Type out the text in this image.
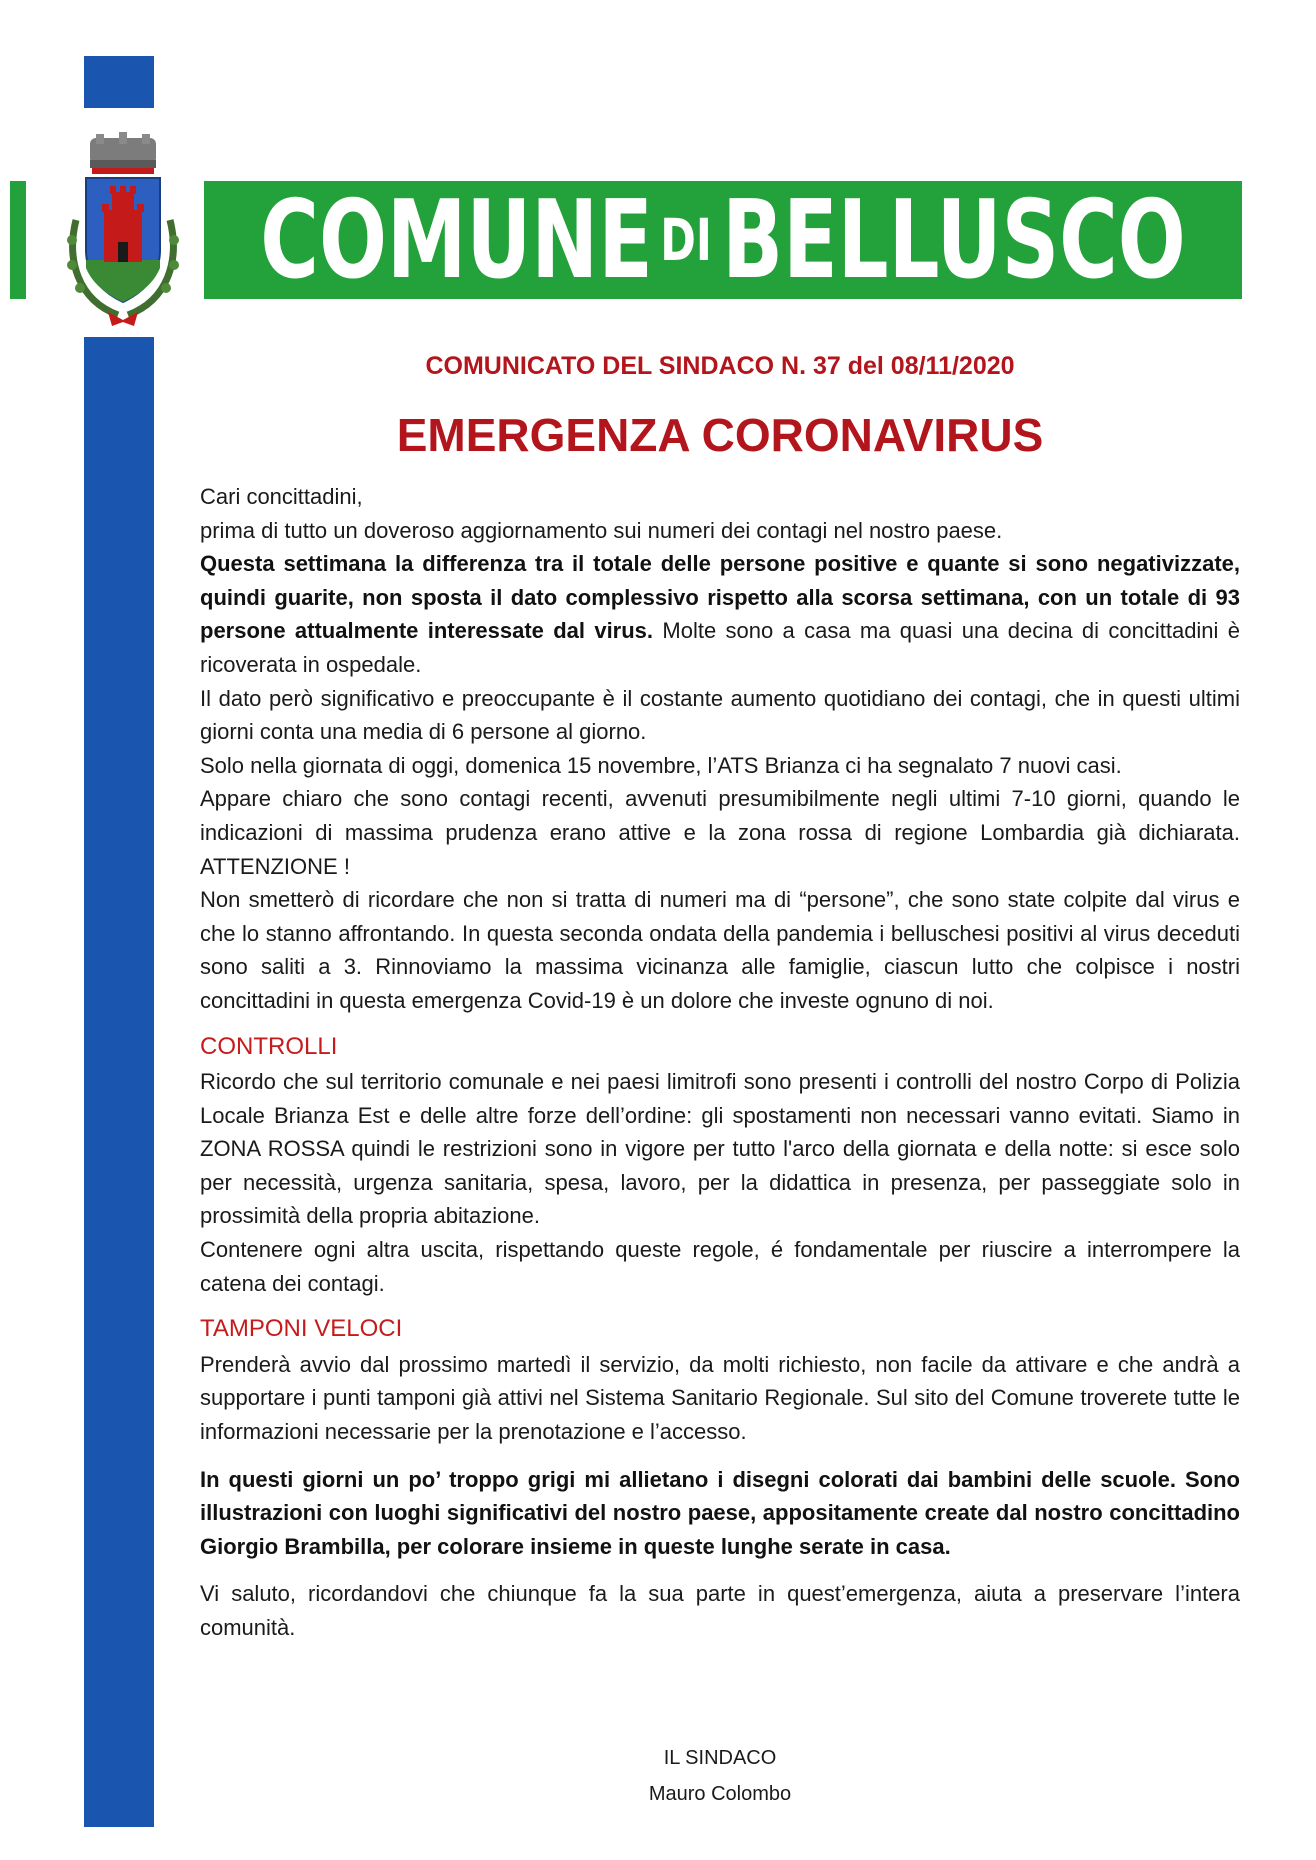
COMUNE DI BELLUSCO
COMUNICATO DEL SINDACO N. 37 del 08/11/2020
EMERGENZA CORONAVIRUS

Cari concittadini,

prima di tutto un doveroso aggiornamento sui numeri dei contagi nel nostro paese.

Questa settimana la differenza tra il totale delle persone positive e quante si sono negativizzate, quindi guarite, non sposta il dato complessivo rispetto alla scorsa settimana, con un totale di 93 persone attualmente interessate dal virus. Molte sono a casa ma quasi una decina di concittadini è ricoverata in ospedale.

Il dato però significativo e preoccupante è il costante aumento quotidiano dei contagi, che in questi ultimi giorni conta una media di 6 persone al giorno.

Solo nella giornata di oggi, domenica 15 novembre, l’ATS Brianza ci ha segnalato 7 nuovi casi.

Appare chiaro che sono contagi recenti, avvenuti presumibilmente negli ultimi 7-10 giorni, quando le indicazioni di massima prudenza erano attive e la zona rossa di regione Lombardia già dichiarata. ATTENZIONE !

Non smetterò di ricordare che non si tratta di numeri ma di “persone”, che sono state colpite dal virus e che lo stanno affrontando. In questa seconda ondata della pandemia i belluschesi positivi al virus deceduti sono saliti a 3. Rinnoviamo la massima vicinanza alle famiglie, ciascun lutto che colpisce i nostri concittadini in questa emergenza Covid-19 è un dolore che investe ognuno di noi.

CONTROLLI

Ricordo che sul territorio comunale e nei paesi limitrofi sono presenti i controlli del nostro Corpo di Polizia Locale Brianza Est e delle altre forze dell’ordine: gli spostamenti non necessari vanno evitati. Siamo in ZONA ROSSA quindi le restrizioni sono in vigore per tutto l'arco della giornata e della notte: si esce solo per necessità, urgenza sanitaria, spesa, lavoro, per la didattica in presenza, per passeggiate solo in prossimità della propria abitazione.

Contenere ogni altra uscita, rispettando queste regole, é fondamentale per riuscire a interrompere la catena dei contagi.

TAMPONI VELOCI

Prenderà avvio dal prossimo martedì il servizio, da molti richiesto, non facile da attivare e che andrà a supportare i punti tamponi già attivi nel Sistema Sanitario Regionale. Sul sito del Comune troverete tutte le informazioni necessarie per la prenotazione e l’accesso.

In questi giorni un po’ troppo grigi mi allietano i disegni colorati dai bambini delle scuole. Sono illustrazioni con luoghi significativi del nostro paese, appositamente create dal nostro concittadino Giorgio Brambilla, per colorare insieme in queste lunghe serate in casa.

Vi saluto, ricordandovi che chiunque fa la sua parte in quest’emergenza, aiuta a preservare l’intera comunità.

IL SINDACO
Mauro Colombo
